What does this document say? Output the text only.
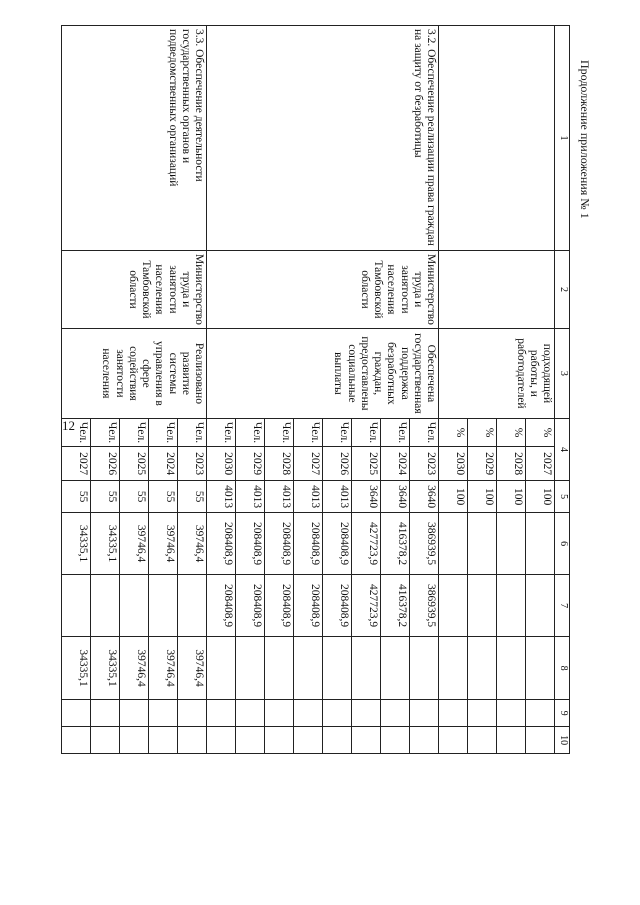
12
Продолжение приложения № 1
1	2	3	4		5	6	7	8	9	10
		подходящей работы, и работодателей	%	2027	100					
			%	2028	100					
			%	2029	100					
			%	2030	100					
3.2. Обеспечение реализации права граждан на защиту от безработицы	Министерство труда и занятости населения Тамбовской области	Обеспечена государственная поддержка безработных граждан, предоставлены социальные выплаты	Чел.	2023	3640	386939,5	386939,5			
			Чел.	2024	3640	416378,2	416378,2			
			Чел.	2025	3640	427723,9	427723,9			
			Чел.	2026	4013	208408,9	208408,9			
			Чел.	2027	4013	208408,9	208408,9			
			Чел.	2028	4013	208408,9	208408,9			
			Чел.	2029	4013	208408,9	208408,9			
			Чел.	2030	4013	208408,9	208408,9			
3.3. Обеспечение деятельности государственных органов и подведомственных организаций	Министерство труда и занятости населения Тамбовской области	Реализовано развитие системы управления в сфере содействия занятости населения	Чел.	2023	55	39746,4		39746,4		
			Чел.	2024	55	39746,4		39746,4		
			Чел.	2025	55	39746,4		39746,4		
			Чел.	2026	55	34335,1		34335,1		
			Чел.	2027	55	34335,1		34335,1		
